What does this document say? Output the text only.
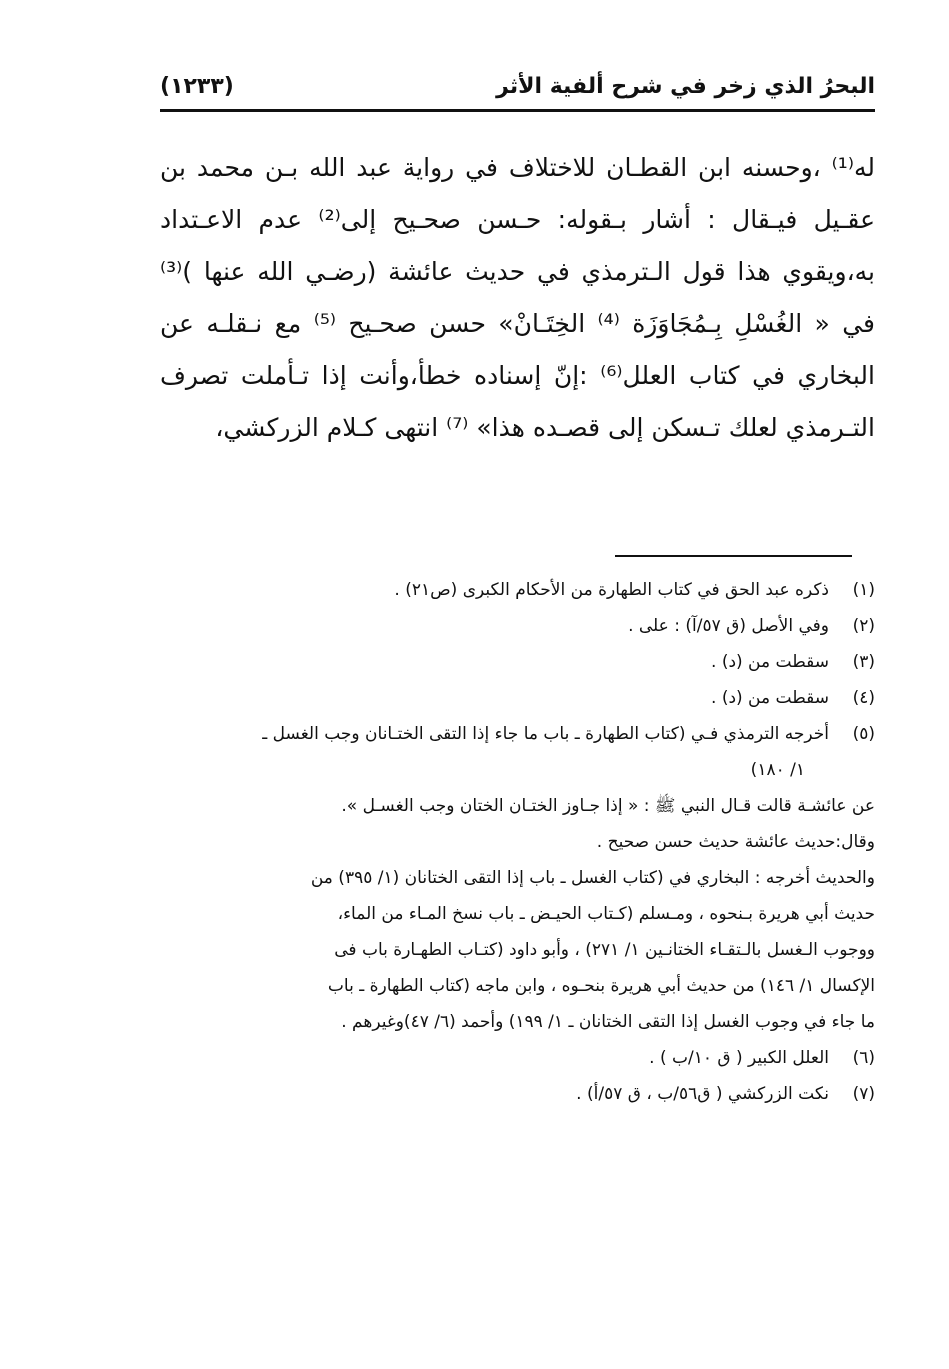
البحرُ الذي زخر في شرح ألفية الأثر
(١٢٣٣)
له⁽¹⁾ ،وحسنه ابن القطـان للاختلاف في رواية عبد الله بـن محمد بن
عقـيل فيـقال : أشار بـقوله: حـسن صحـيح إلى⁽²⁾ عدم الاعـتداد
به،ويقوي هذا قول الـترمذي في حديث عائشة (رضـي الله عنها )⁽³⁾
في « الغُسْلِ بِـمُجَاوَزَة ⁽⁴⁾ الخِتَـانْ» حسن صحـيح ⁽⁵⁾ مع نـقلـه عن
البخاري في كتاب العلل⁽⁶⁾ :إنّ إسناده خطأ،وأنت إذا تـأملت تصرف
التـرمذي لعلك تـسكن إلى قصـده هذا» ⁽⁷⁾ انتهى كـلام الزركشي،
(١)ذكره عبد الحق في كتاب الطهارة من الأحكام الكبرى (ص٢١) .
(٢)وفي الأصل (ق ٥٧/آ) : على .
(٣)سقطت من (د) .
(٤)سقطت من (د) .
(٥)أخرجه الترمذي فـي (كتاب الطهارة ـ باب ما جاء إذا التقى الختـانان وجب الغسل ـ
١/ ١٨٠)
عن عائشـة قالت قـال النبي ﷺ : « إذا جـاوز الختـان الختان وجب الغسـل ».
وقال:حديث عائشة حديث حسن صحيح .
والحديث أخرجه : البخاري في (كتاب الغسل ـ باب إذا التقى الختانان (١/ ٣٩٥) من
حديث أبي هريرة بـنحوه ، ومـسلم (كـتاب الحيـض ـ باب نسخ المـاء من الماء،
ووجوب الـغسل بالـتقـاء الختانـين ١/ ٢٧١) ، وأبو داود (كتـاب الطهـارة باب فى
الإكسال ١/ ١٤٦) من حديث أبي هريرة بنحـوه ، وابن ماجه (كتاب الطهارة ـ باب
ما جاء في وجوب الغسل إذا التقى الختانان ـ ١/ ١٩٩) وأحمد (٦/ ٤٧)وغيرهم .
(٦)العلل الكبير ( ق ١٠/ب ) .
(٧)نكت الزركشي ( ق٥٦/ب ، ق ٥٧/أ) .
